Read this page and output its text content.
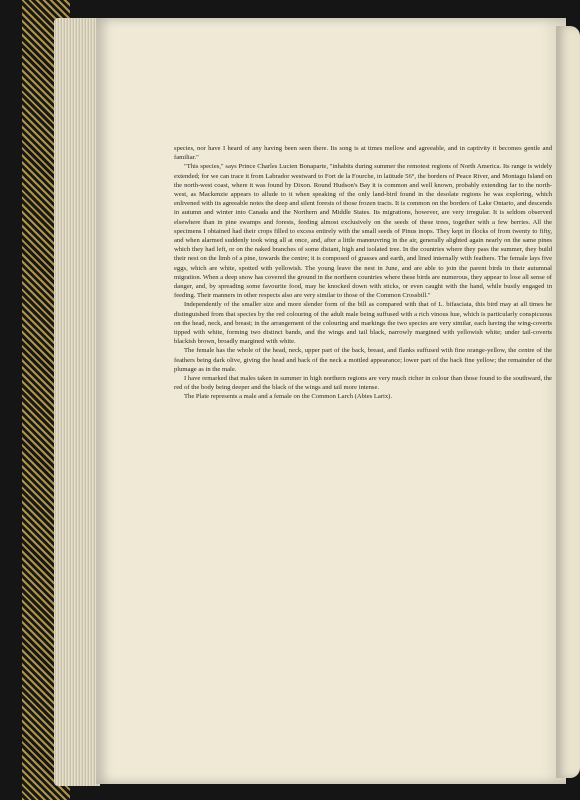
species, nor have I heard of any having been seen there. Its song is at times mellow and agreeable, and in captivity it becomes gentle and familiar."

"This species," says Prince Charles Lucien Bonaparte, "inhabits during summer the remotest regions of North America. Its range is widely extended; for we can trace it from Labrador westward to Fort de la Fourche, in latitude 56°, the borders of Peace River, and Montagu Island on the north-west coast, where it was found by Dixon. Round Hudson's Bay it is common and well known, probably extending far to the north-west, as Mackenzie appears to allude to it when speaking of the only land-bird found in the desolate regions he was exploring, which enlivened with its agreeable notes the deep and silent forests of those frozen tracts. It is common on the borders of Lake Ontario, and descends in autumn and winter into Canada and the Northern and Middle States. Its migrations, however, are very irregular. It is seldom observed elsewhere than in pine swamps and forests, feeding almost exclusively on the seeds of these trees, together with a few berries. All the specimens I obtained had their crops filled to excess entirely with the small seeds of Pinus inops. They kept in flocks of from twenty to fifty, and when alarmed suddenly took wing all at once, and, after a little manœuvring in the air, generally alighted again nearly on the same pines which they had left, or on the naked branches of some distant, high and isolated tree. In the countries where they pass the summer, they build their nest on the limb of a pine, towards the centre; it is composed of grasses and earth, and lined internally with feathers. The female lays five eggs, which are white, spotted with yellowish. The young leave the nest in June, and are able to join the parent birds in their autumnal migration. When a deep snow has covered the ground in the northern countries where these birds are numerous, they appear to lose all sense of danger, and, by spreading some favourite food, may be knocked down with sticks, or even caught with the hand, while busily engaged in feeding. Their manners in other respects also are very similar to those of the Common Crossbill."

Independently of the smaller size and more slender form of the bill as compared with that of L. bifasciata, this bird may at all times be distinguished from that species by the red colouring of the adult male being suffused with a rich vinous hue, which is particularly conspicuous on the head, neck, and breast; in the arrangement of the colouring and markings the two species are very similar, each having the wing-coverts tipped with white, forming two distinct bands, and the wings and tail black, narrowly margined with yellowish white; under tail-coverts blackish brown, broadly margined with white.

The female has the whole of the head, neck, upper part of the back, breast, and flanks suffused with fine orange-yellow, the centre of the feathers being dark olive, giving the head and back of the neck a mottled appearance; lower part of the back fine yellow; the remainder of the plumage as in the male.

I have remarked that males taken in summer in high northern regions are very much richer in colour than those found to the southward, the red of the body being deeper and the black of the wings and tail more intense.

The Plate represents a male and a female on the Common Larch (Abies Larix).
